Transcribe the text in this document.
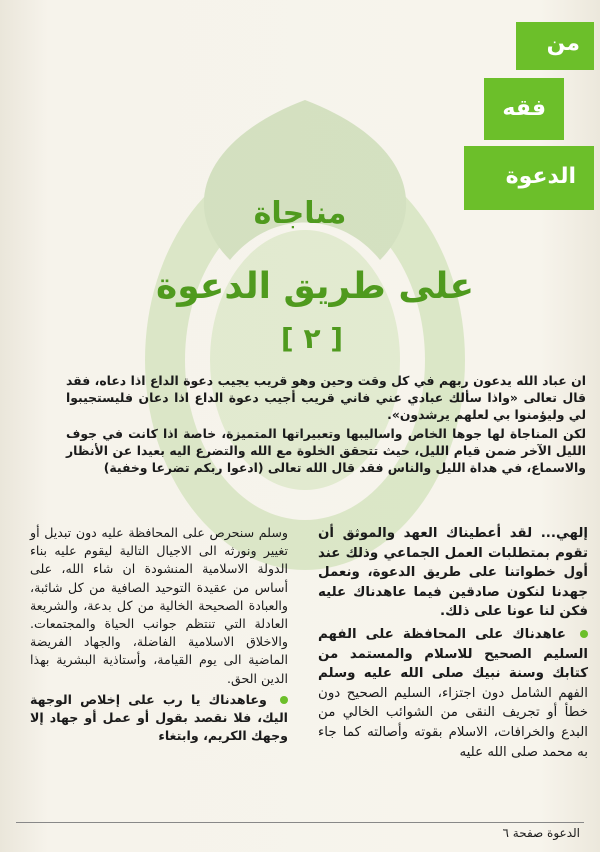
من
فقه
الدعوة
مناجاة
على طريق الدعوة
[ ٢ ]

ان عباد الله يدعون ربهم في كل وقت وحين وهو قريب يجيب دعوة الداع اذا دعاه، فقد قال تعالى «واذا سألك عبادي عني فاني قريب أجيب دعوة الداع اذا دعان فليستجيبوا لي وليؤمنوا بي لعلهم يرشدون».

لكن المناجاة لها جوها الخاص واساليبها وتعبيراتها المتميزة، خاصة اذا كانت في جوف الليل الآخر ضمن قيام الليل، حيث تتحقق الخلوة مع الله والتضرع اليه بعيدا عن الأنظار والاسماع، في هداة الليل والناس فقد قال الله تعالى (ادعوا ربكم تضرعا وخفية)

إلهي... لقد أعطيناك العهد والموثق أن تقوم بمتطلبات العمل الجماعي وذلك عند أول خطواتنا على طريق الدعوة، ونعمل جهدنا لنكون صادقين فيما عاهدناك عليه فكن لنا عونا على ذلك.

عاهدناك على المحافظة على الفهم السليم الصحيح للاسلام والمستمد من كتابك وسنة نبيك صلى الله عليه وسلم الفهم الشامل دون اجتزاء، السليم الصحيح دون خطأ أو تجريف النقى من الشوائب الخالي من البدع والخرافات، الاسلام بقوته وأصالته كما جاء به محمد صلى الله عليه

وسلم سنحرص على المحافظة عليه دون تبديل أو تغيير ونورثه الى الاجيال التالية ليقوم عليه بناء الدولة الاسلامية المنشودة ان شاء الله، على أساس من عقيدة التوحيد الصافية من كل شائبة، والعبادة الصحيحة الخالية من كل بدعة، والشريعة العادلة التي تنتظم جوانب الحياة والمجتمعات. والاخلاق الاسلامية الفاضلة، والجهاد الفريضة الماضية الى يوم القيامة، وأستاذية البشرية بهذا الدين الحق.

وعاهدناك يا رب على إخلاص الوجهة اليك، فلا نقصد بقول أو عمل أو جهاد إلا وجهك الكريم، وابتغاء

الدعوة صفحة ٦
